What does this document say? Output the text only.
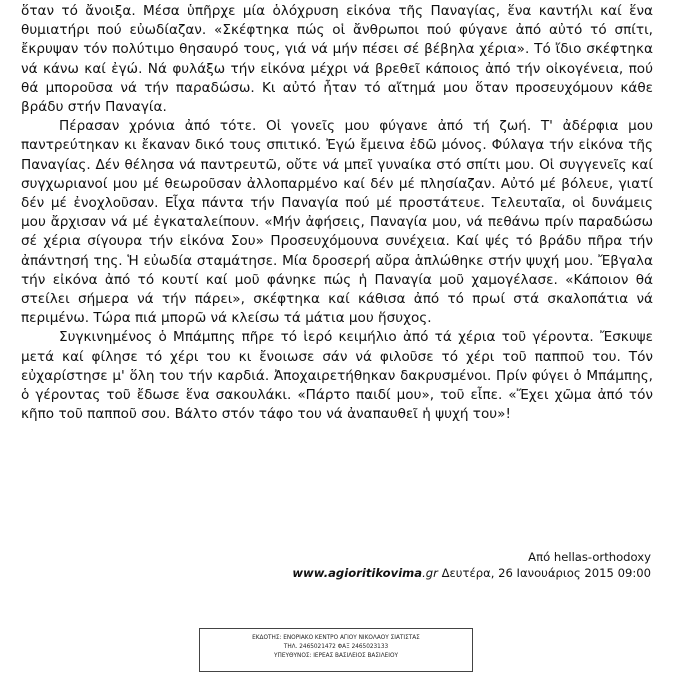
ὅταν τό ἄνοιξα. Μέσα ὑπῆρχε μία ὁλόχρυση εἰκόνα τῆς Παναγίας, ἕνα καντήλι καί ἕνα θυμιατήρι πού εὐωδίαζαν. «Σκέφτηκα πώς οἱ ἄνθρωποι πού φύγανε ἀπό αὐτό τό σπίτι, ἔκρυψαν τόν πολύτιμο θησαυρό τους, γιά νά μήν πέσει σέ βέβηλα χέρια». Τό ἴδιο σκέφτηκα νά κάνω καί ἐγώ. Νά φυλάξω τήν εἰκόνα μέχρι νά βρεθεῖ κάποιος ἀπό τήν οἰκογένεια, πού θά μποροῦσα νά τήν παραδώσω. Κι αὐτό ἦταν τό αἴτημά μου ὅταν προσευχόμουν κάθε βράδυ στήν Παναγία.

Πέρασαν χρόνια ἀπό τότε. Οἱ γονεῖς μου φύγανε ἀπό τή ζωή. Τ' ἀδέρφια μου παντρεύτηκαν κι ἔκαναν δικό τους σπιτικό. Ἐγώ ἔμεινα ἐδῶ μόνος. Φύλαγα τήν εἰκόνα τῆς Παναγίας. Δέν θέλησα νά παντρευτῶ, οὔτε νά μπεῖ γυναίκα στό σπίτι μου. Οἱ συγγενεῖς καί συγχωριανοί μου μέ θεωροῦσαν ἀλλοπαρμένο καί δέν μέ πλησίαζαν. Αὐτό μέ βόλευε, γιατί δέν μέ ἐνοχλοῦσαν. Εἶχα πάντα τήν Παναγία πού μέ προστάτευε. Τελευταῖα, οἱ δυνάμεις μου ἄρχισαν νά μέ ἐγκαταλείπουν. «Μήν ἀφήσεις, Παναγία μου, νά πεθάνω πρίν παραδώσω σέ χέρια σίγουρα τήν εἰκόνα Σου» Προσευχόμουνα συνέχεια. Καί ψές τό βράδυ πῆρα τήν ἀπάντησή της. Ἡ εὐωδία σταμάτησε. Μία δροσερή αὔρα ἁπλώθηκε στήν ψυχή μου. Ἔβγαλα τήν εἰκόνα ἀπό τό κουτί καί μοῦ φάνηκε πώς ἡ Παναγία μοῦ χαμογέλασε. «Κάποιον θά στείλει σήμερα νά τήν πάρει», σκέφτηκα καί κάθισα ἀπό τό πρωί στά σκαλοπάτια νά περιμένω. Τώρα πιά μπορῶ νά κλείσω τά μάτια μου ἥσυχος.

Συγκινημένος ὁ Μπάμπης πῆρε τό ἱερό κειμήλιο ἀπό τά χέρια τοῦ γέροντα. Ἔσκυψε μετά καί φίλησε τό χέρι του κι ἔνοιωσε σάν νά φιλοῦσε τό χέρι τοῦ παπποῦ του. Τόν εὐχαρίστησε μ' ὅλη του τήν καρδιά. Ἀποχαιρετήθηκαν δακρυσμένοι. Πρίν φύγει ὁ Μπάμπης, ὁ γέροντας τοῦ ἔδωσε ἕνα σακουλάκι. «Πάρτο παιδί μου», τοῦ εἶπε. «Ἔχει χῶμα ἀπό τόν κῆπο τοῦ παπποῦ σου. Βάλτο στόν τάφο του νά ἀναπαυθεῖ ἡ ψυχή του»!

Από hellas-orthodoxy
www.agioritikovima.gr Δευτέρα, 26 Ιανουάριος 2015 09:00
ΕΚΔΟΤΗΣ: ΕΝΟΡΙΑΚΟ ΚΕΝΤΡΟ ΑΓΙΟΥ ΝΙΚΟΛΑΟΥ ΣΙΑΤΙΣΤΑΣ
ΤΗΛ. 2465021472 ΦΑΞ 2465023133
ΥΠΕΥΘΥΝΟΣ: ΙΕΡΕΑΣ ΒΑΣΙΛΕΙΟΣ ΒΑΣΙΛΕΙΟΥ
